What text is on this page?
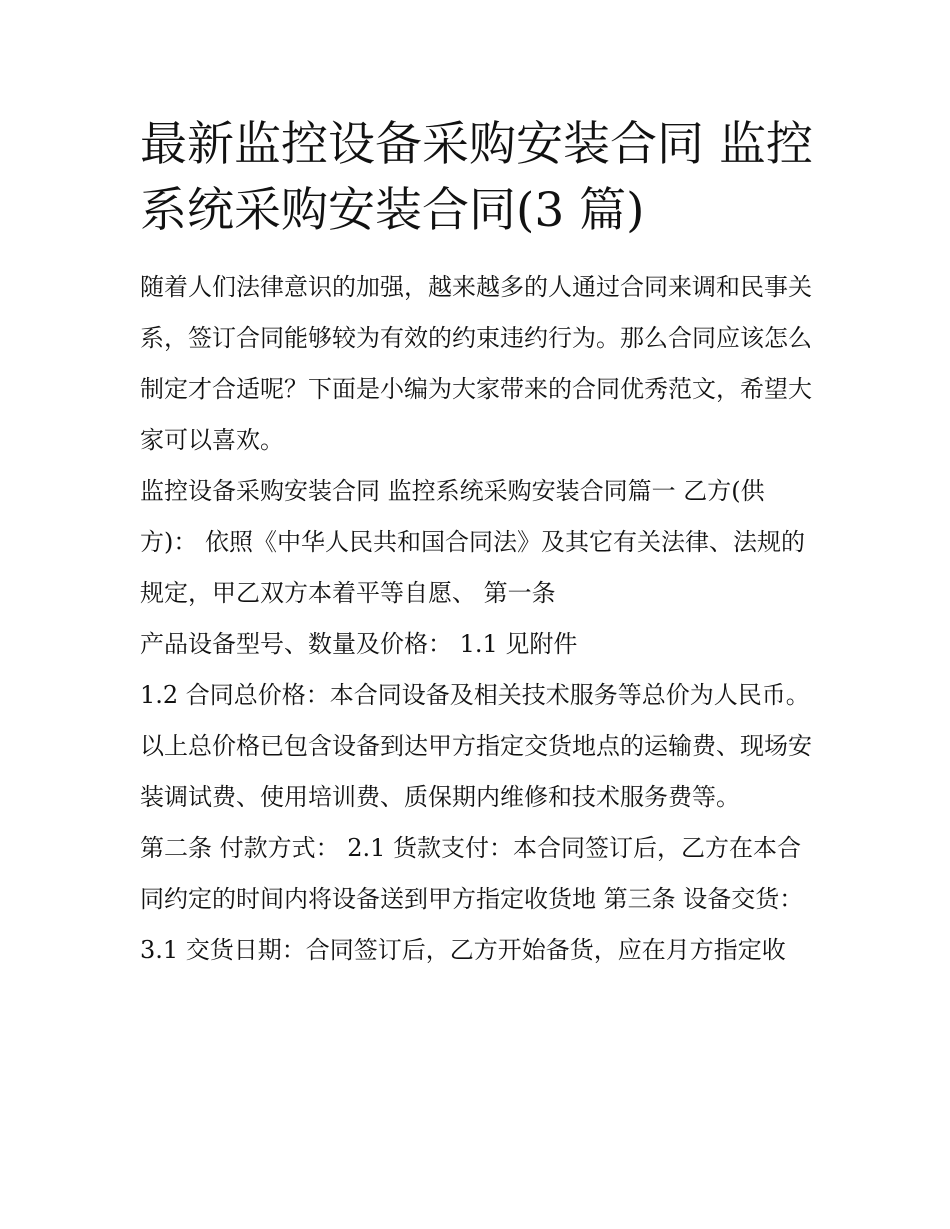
最新监控设备采购安装合同 监控系统采购安装合同(3 篇)

随着人们法律意识的加强，越来越多的人通过合同来调和民事关系，签订合同能够较为有效的约束违约行为。那么合同应该怎么制定才合适呢？下面是小编为大家带来的合同优秀范文，希望大家可以喜欢。

监控设备采购安装合同 监控系统采购安装合同篇一 乙方(供方)： 依照《中华人民共和国合同法》及其它有关法律、法规的规定，甲乙双方本着平等自愿、 第一条

产品设备型号、数量及价格： 1.1 见附件

1.2 合同总价格：本合同设备及相关技术服务等总价为人民币。以上总价格已包含设备到达甲方指定交货地点的运输费、现场安装调试费、使用培训费、质保期内维修和技术服务费等。

第二条 付款方式： 2.1 货款支付：本合同签订后，乙方在本合同约定的时间内将设备送到甲方指定收货地 第三条 设备交货：

3.1 交货日期：合同签订后，乙方开始备货，应在月方指定收
